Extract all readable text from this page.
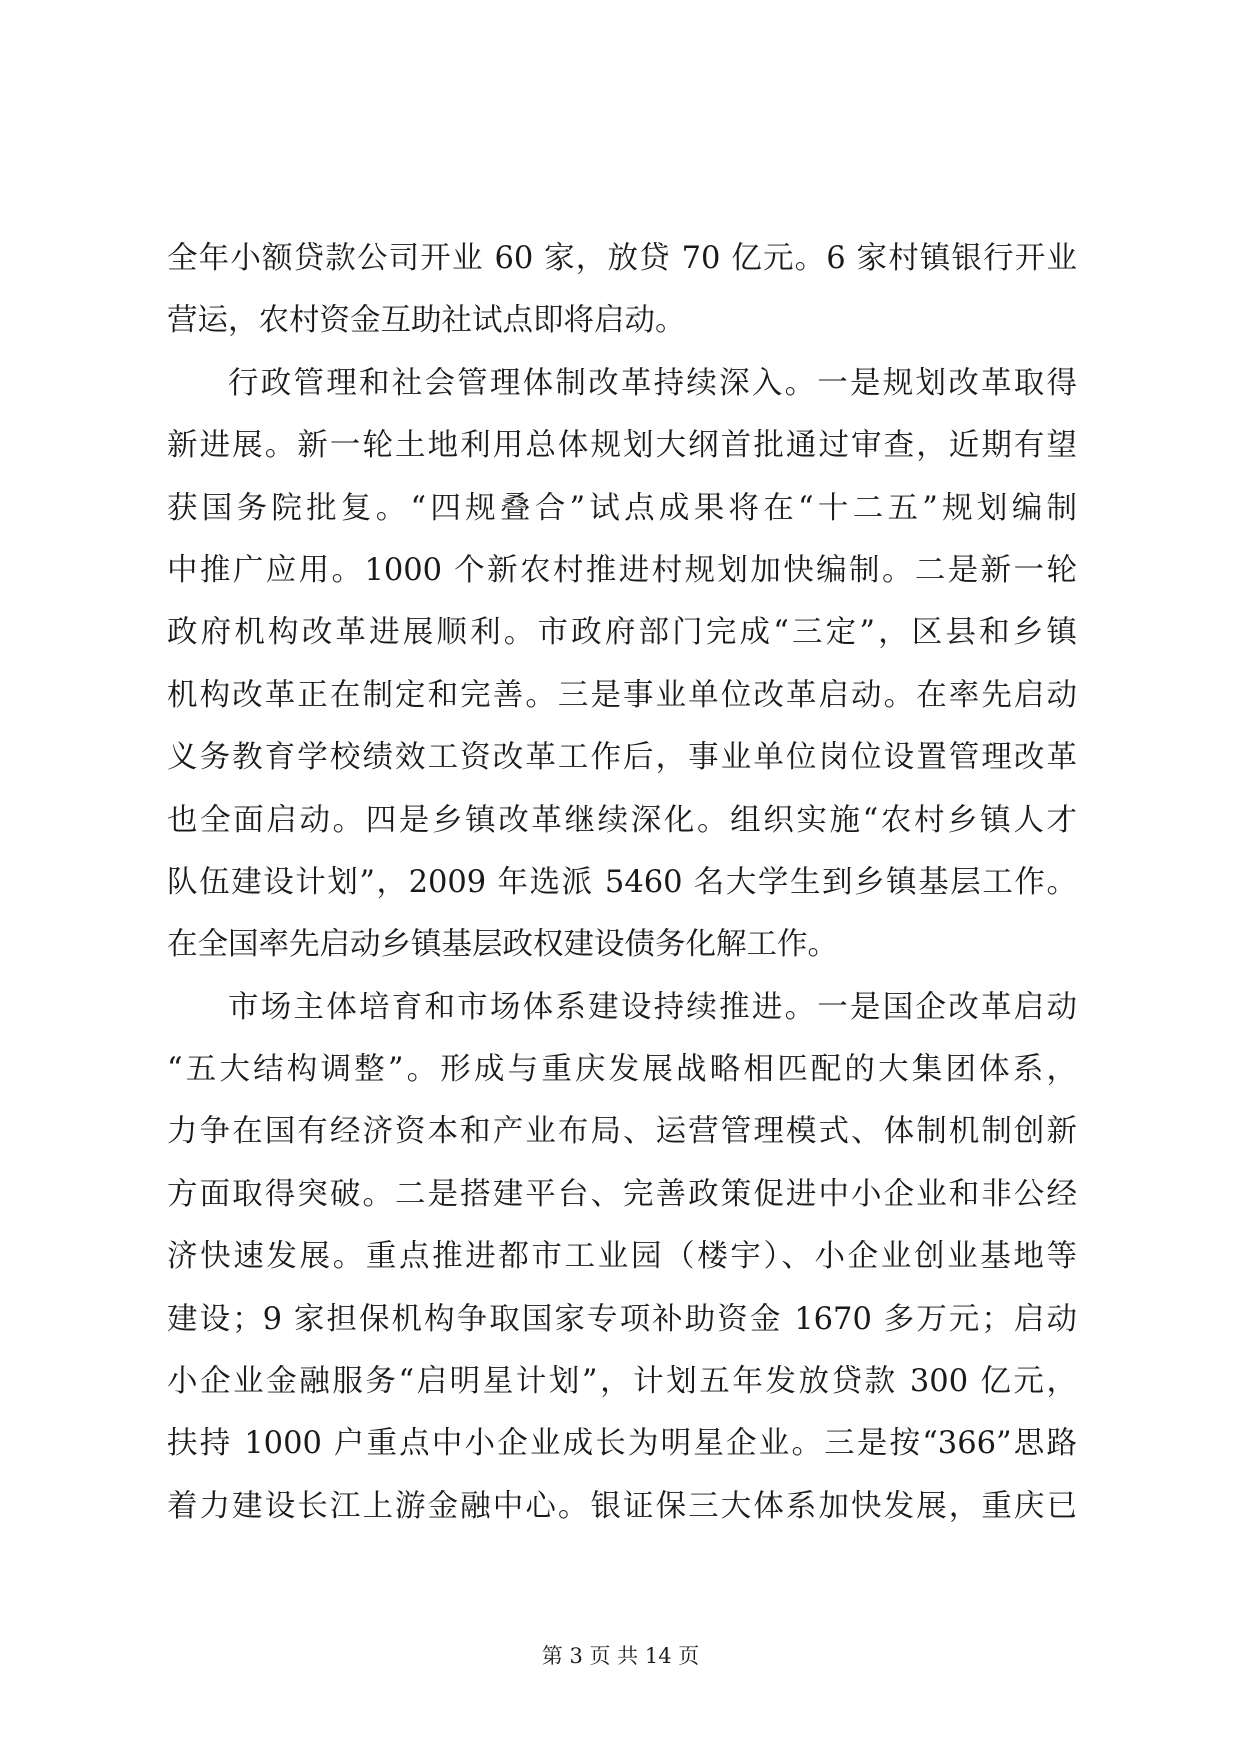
全年小额贷款公司开业 60 家，放贷 70 亿元。6 家村镇银行开业
营运，农村资金互助社试点即将启动。
行政管理和社会管理体制改革持续深入。一是规划改革取得
新进展。新一轮土地利用总体规划大纲首批通过审查，近期有望
获国务院批复。“四规叠合”试点成果将在“十二五”规划编制
中推广应用。1000 个新农村推进村规划加快编制。二是新一轮
政府机构改革进展顺利。市政府部门完成“三定”，区县和乡镇
机构改革正在制定和完善。三是事业单位改革启动。在率先启动
义务教育学校绩效工资改革工作后，事业单位岗位设置管理改革
也全面启动。四是乡镇改革继续深化。组织实施“农村乡镇人才
队伍建设计划”，2009 年选派 5460 名大学生到乡镇基层工作。
在全国率先启动乡镇基层政权建设债务化解工作。
市场主体培育和市场体系建设持续推进。一是国企改革启动
“五大结构调整”。形成与重庆发展战略相匹配的大集团体系，
力争在国有经济资本和产业布局、运营管理模式、体制机制创新
方面取得突破。二是搭建平台、完善政策促进中小企业和非公经
济快速发展。重点推进都市工业园（楼宇）、小企业创业基地等
建设；9 家担保机构争取国家专项补助资金 1670 多万元；启动
小企业金融服务“启明星计划”，计划五年发放贷款 300 亿元，
扶持 1000 户重点中小企业成长为明星企业。三是按“366”思路
着力建设长江上游金融中心。银证保三大体系加快发展，重庆已
第 3 页 共 14 页
